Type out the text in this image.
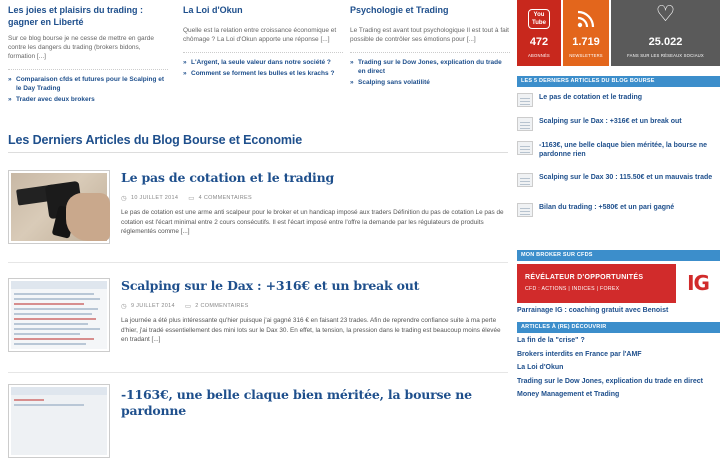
Les joies et plaisirs du trading : gagner en Liberté
Sur ce blog bourse je ne cesse de mettre en garde contre les dangers du trading (brokers bidons, formation [...]
» Comparaison cfds et futures pour le Scalping et le Day Trading
» Trader avec deux brokers
La Loi d'Okun
Quelle est la relation entre croissance économique et chômage ? La Loi d'Okun apporte une réponse [...]
» L'Argent, la seule valeur dans notre société ?
» Comment se forment les bulles et les krachs ?
Psychologie et Trading
Le Trading est avant tout psychologique Il est tout à fait possible de contrôler ses émotions pour [...]
» Trading sur le Dow Jones, explication du trade en direct
» Scalping sans volatilité
Les Derniers Articles du Blog Bourse et Economie
Le pas de cotation et le trading
◷ 10 JUILLET 2014 ▭ 4 COMMENTAIRES
Le pas de cotation est une arme anti scalpeur pour le broker et un handicap imposé aux traders Définition du pas de cotation Le pas de cotation est l'écart minimal entre 2 cours consécutifs. Il est l'écart imposé entre l'offre la demande par les régulateurs de produits réglementés comme [...]
Scalping sur le Dax : +316€ et un break out
◷ 9 JUILLET 2014 ▭ 2 COMMENTAIRES
La journée a été plus intéressante qu'hier puisque j'ai gagné 316 € en faisant 23 trades. Afin de reprendre confiance suite à ma perte d'hier, j'ai tradé essentiellement des mini lots sur le Dax 30. En effet, la tension, la pression dans le trading est beaucoup moins élevée en tradant [...]
-1163€, une belle claque bien méritée, la bourse ne pardonne
You Tube
472
ABONNÉS
1.719
NEWSLETTERS
♡
25.022
FANS SUR LES RÉSEAUX SOCIAUX
LES 5 DERNIERS ARTICLES DU BLOG BOURSE
Le pas de cotation et le trading
Scalping sur le Dax : +316€ et un break out
-1163€, une belle claque bien méritée, la bourse ne pardonne rien
Scalping sur le Dax 30 : 115.50€ et un mauvais trade
Bilan du trading : +580€ et un pari gagné
MON BROKER SUR CFDS
RÉVÉLATEUR D'OPPORTUNITÉS
CFD : ACTIONS | INDICES | FOREX	IG
Parrainage IG : coaching gratuit avec Benoist
ARTICLES À (RE) DÉCOUVRIR
La fin de la "crise" ?
Brokers interdits en France par l'AMF
La Loi d'Okun
Trading sur le Dow Jones, explication du trade en direct
Money Management et Trading
